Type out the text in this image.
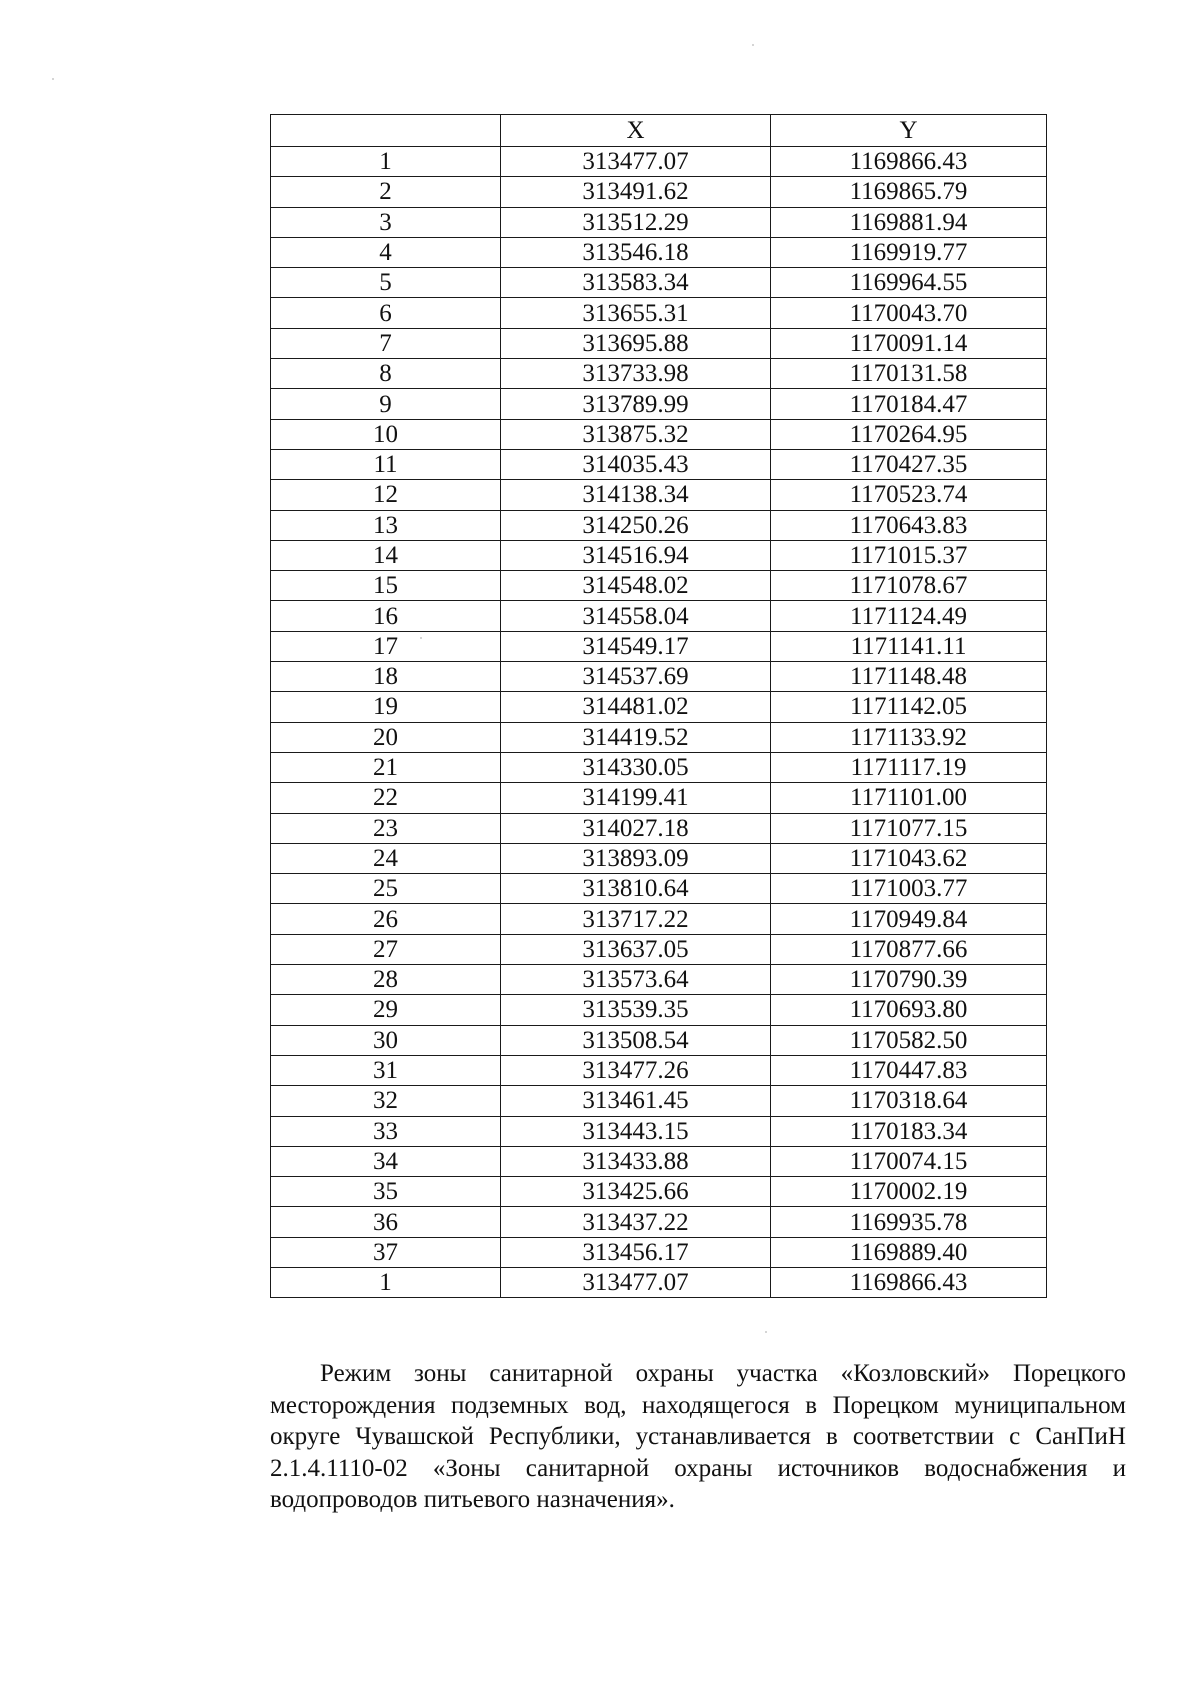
	X	Y
1	313477.07	1169866.43
2	313491.62	1169865.79
3	313512.29	1169881.94
4	313546.18	1169919.77
5	313583.34	1169964.55
6	313655.31	1170043.70
7	313695.88	1170091.14
8	313733.98	1170131.58
9	313789.99	1170184.47
10	313875.32	1170264.95
11	314035.43	1170427.35
12	314138.34	1170523.74
13	314250.26	1170643.83
14	314516.94	1171015.37
15	314548.02	1171078.67
16	314558.04	1171124.49
17	314549.17	1171141.11
18	314537.69	1171148.48
19	314481.02	1171142.05
20	314419.52	1171133.92
21	314330.05	1171117.19
22	314199.41	1171101.00
23	314027.18	1171077.15
24	313893.09	1171043.62
25	313810.64	1171003.77
26	313717.22	1170949.84
27	313637.05	1170877.66
28	313573.64	1170790.39
29	313539.35	1170693.80
30	313508.54	1170582.50
31	313477.26	1170447.83
32	313461.45	1170318.64
33	313443.15	1170183.34
34	313433.88	1170074.15
35	313425.66	1170002.19
36	313437.22	1169935.78
37	313456.17	1169889.40
1	313477.07	1169866.43

Режим зоны санитарной охраны участка «Козловский» Порецкого месторождения подземных вод, находящегося в Порецком муниципальном округе Чувашской Республики, устанавливается в соответствии с СанПиН 2.1.4.1110-02 «Зоны санитарной охраны источников водоснабжения и водопроводов питьевого назначения».
